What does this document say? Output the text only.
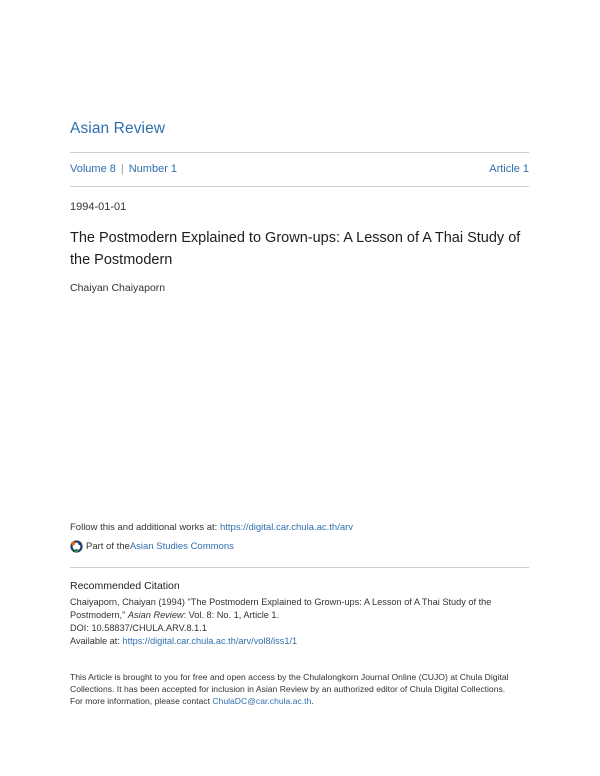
Asian Review
Volume 8 | Number 1	Article 1
1994-01-01
The Postmodern Explained to Grown-ups: A Lesson of A Thai Study of the Postmodern
Chaiyan Chaiyaporn
Follow this and additional works at: https://digital.car.chula.ac.th/arv
Part of the Asian Studies Commons
Recommended Citation
Chaiyaporn, Chaiyan (1994) "The Postmodern Explained to Grown-ups: A Lesson of A Thai Study of the
Postmodern," Asian Review: Vol. 8: No. 1, Article 1.
DOI: 10.58837/CHULA.ARV.8.1.1
Available at: https://digital.car.chula.ac.th/arv/vol8/iss1/1
This Article is brought to you for free and open access by the Chulalongkorn Journal Online (CUJO) at Chula Digital
Collections. It has been accepted for inclusion in Asian Review by an authorized editor of Chula Digital Collections.
For more information, please contact ChulaDC@car.chula.ac.th.
